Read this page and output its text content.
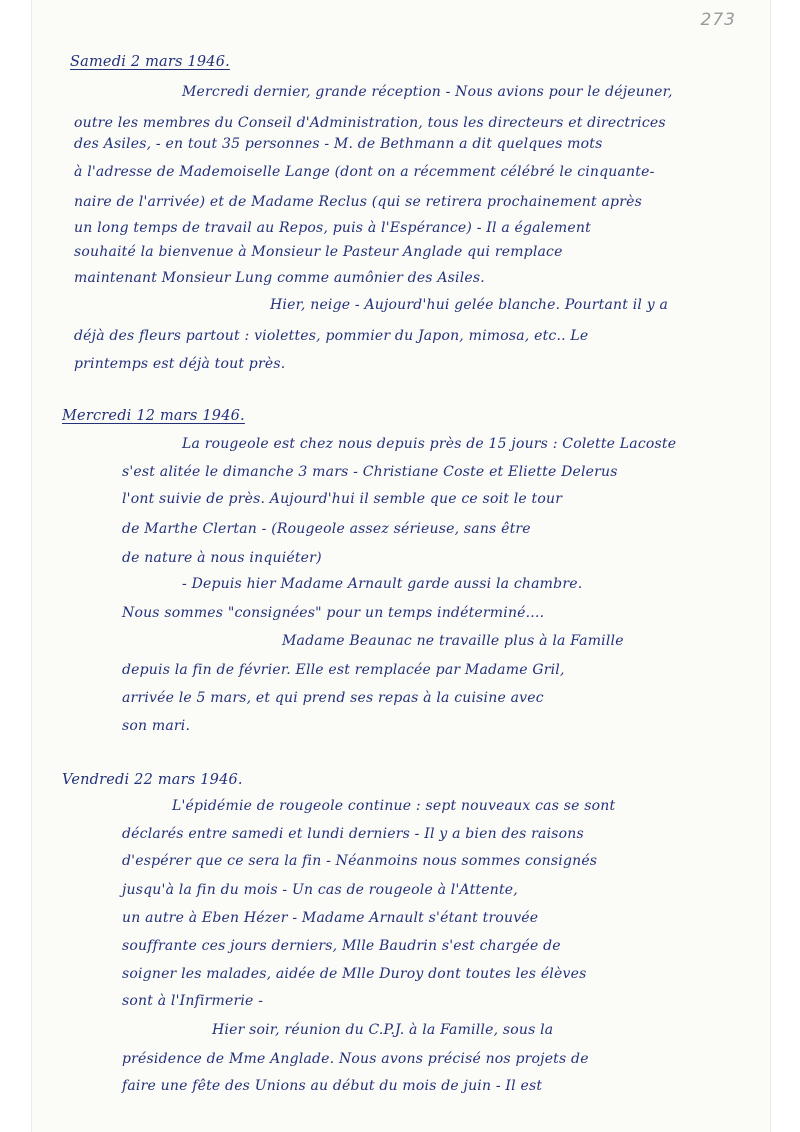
273

Samedi 2 mars 1946.

Mercredi dernier, grande réception - Nous avions pour le déjeuner,

outre les membres du Conseil d'Administration, tous les directeurs et directrices

des Asiles, - en tout 35 personnes - M. de Bethmann a dit quelques mots

à l'adresse de Mademoiselle Lange (dont on a récemment célébré le cinquante-

naire de l'arrivée) et de Madame Reclus (qui se retirera prochainement après

un long temps de travail au Repos, puis à l'Espérance) - Il a également

souhaité la bienvenue à Monsieur le Pasteur Anglade qui remplace

maintenant Monsieur Lung comme aumônier des Asiles.

Hier, neige - Aujourd'hui gelée blanche. Pourtant il y a

déjà des fleurs partout : violettes, pommier du Japon, mimosa, etc.. Le

printemps est déjà tout près.

Mercredi 12 mars 1946.

La rougeole est chez nous depuis près de 15 jours : Colette Lacoste

s'est alitée le dimanche 3 mars - Christiane Coste et Eliette Delerus

l'ont suivie de près. Aujourd'hui il semble que ce soit le tour

de Marthe Clertan - (Rougeole assez sérieuse, sans être

de nature à nous inquiéter)

- Depuis hier Madame Arnault garde aussi la chambre.

Nous sommes "consignées" pour un temps indéterminé....

Madame Beaunac ne travaille plus à la Famille

depuis la fin de février. Elle est remplacée par Madame Gril,

arrivée le 5 mars, et qui prend ses repas à la cuisine avec

son mari.

Vendredi 22 mars 1946.

L'épidémie de rougeole continue : sept nouveaux cas se sont

déclarés entre samedi et lundi derniers - Il y a bien des raisons

d'espérer que ce sera la fin - Néanmoins nous sommes consignés

jusqu'à la fin du mois - Un cas de rougeole à l'Attente,

un autre à Eben Hézer - Madame Arnault s'étant trouvée

souffrante ces jours derniers, Mlle Baudrin s'est chargée de

soigner les malades, aidée de Mlle Duroy dont toutes les élèves

sont à l'Infirmerie -

Hier soir, réunion du C.P.J. à la Famille, sous la

présidence de Mme Anglade. Nous avons précisé nos projets de

faire une fête des Unions au début du mois de juin - Il est
